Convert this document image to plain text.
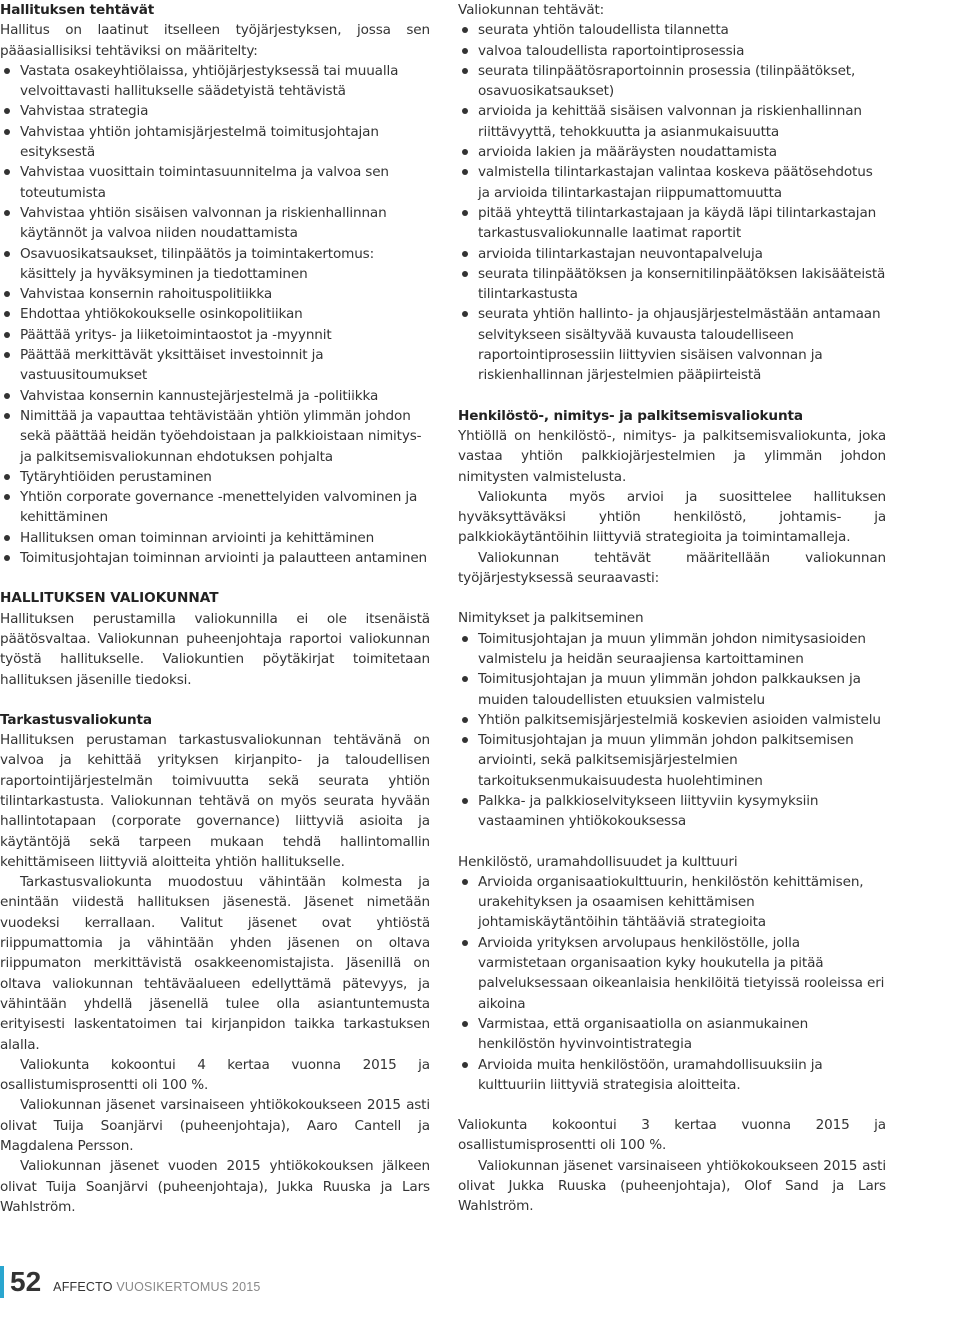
Hallituksen tehtävät

Hallitus on laatinut itselleen työjärjestyksen, jossa sen pääasiallisiksi tehtäviksi on määritelty:

Vastata osakeyhtiölaissa, yhtiöjärjestyksessä tai muualla velvoittavasti hallitukselle säädetyistä tehtävistä
Vahvistaa strategia
Vahvistaa yhtiön johtamisjärjestelmä toimitusjohtajan esityksestä
Vahvistaa vuosittain toimintasuunnitelma ja valvoa sen toteutumista
Vahvistaa yhtiön sisäisen valvonnan ja riskienhallinnan käytännöt ja valvoa niiden noudattamista
Osavuosikatsaukset, tilinpäätös ja toimintakertomus: käsittely ja hyväksyminen ja tiedottaminen
Vahvistaa konsernin rahoituspolitiikka
Ehdottaa yhtiökokoukselle osinkopolitiikan
Päättää yritys- ja liiketoimintaostot ja -myynnit
Päättää merkittävät yksittäiset investoinnit ja vastuusitoumukset
Vahvistaa konsernin kannustejärjestelmä ja -politiikka
Nimittää ja vapauttaa tehtävistään yhtiön ylimmän johdon sekä päättää heidän työehdoistaan ja palkkioistaan nimitys- ja palkitsemisvaliokunnan ehdotuksen pohjalta
Tytäryhtiöiden perustaminen
Yhtiön corporate governance -menettelyiden valvominen ja kehittäminen
Hallituksen oman toiminnan arviointi ja kehittäminen
Toimitusjohtajan toiminnan arviointi ja palautteen antaminen

HALLITUKSEN VALIOKUNNAT

Hallituksen perustamilla valiokunnilla ei ole itsenäistä päätösvaltaa. Valiokunnan puheenjohtaja raportoi valiokunnan työstä hallitukselle. Valiokuntien pöytäkirjat toimitetaan hallituksen jäsenille tiedoksi.

Tarkastusvaliokunta

Hallituksen perustaman tarkastusvaliokunnan tehtävänä on valvoa ja kehittää yrityksen kirjanpito- ja taloudellisen raportointijärjestelmän toimivuutta sekä seurata yhtiön tilintarkastusta. Valiokunnan tehtävä on myös seurata hyvään hallintotapaan (corporate governance) liittyviä asioita ja käytäntöjä sekä tarpeen mukaan tehdä hallintomallin kehittämiseen liittyviä aloitteita yhtiön hallitukselle.

Tarkastusvaliokunta muodostuu vähintään kolmesta ja enintään viidestä hallituksen jäsenestä. Jäsenet nimetään vuodeksi kerrallaan. Valitut jäsenet ovat yhtiöstä riippumattomia ja vähintään yhden jäsenen on oltava riippumaton merkittävistä osakkeenomistajista. Jäsenillä on oltava valiokunnan tehtäväalueen edellyttämä pätevyys, ja vähintään yhdellä jäsenellä tulee olla asiantuntemusta erityisesti laskentatoimen tai kirjanpidon taikka tarkastuksen alalla.

Valiokunta kokoontui 4 kertaa vuonna 2015 ja osallistumisprosentti oli 100 %.

Valiokunnan jäsenet varsinaiseen yhtiökokoukseen 2015 asti olivat Tuija Soanjärvi (puheenjohtaja), Aaro Cantell ja Magdalena Persson.

Valiokunnan jäsenet vuoden 2015 yhtiökokouksen jälkeen olivat Tuija Soanjärvi (puheenjohtaja), Jukka Ruuska ja Lars Wahlström.

Valiokunnan tehtävät:

seurata yhtiön taloudellista tilannetta
valvoa taloudellista raportointiprosessia
seurata tilinpäätösraportoinnin prosessia (tilinpäätökset, osavuosikatsaukset)
arvioida ja kehittää sisäisen valvonnan ja riskienhallinnan riittävyyttä, tehokkuutta ja asianmukaisuutta
arvioida lakien ja määräysten noudattamista
valmistella tilintarkastajan valintaa koskeva päätösehdotus ja arvioida tilintarkastajan riippumattomuutta
pitää yhteyttä tilintarkastajaan ja käydä läpi tilintarkastajan tarkastusvaliokunnalle laatimat raportit
arvioida tilintarkastajan neuvontapalveluja
seurata tilinpäätöksen ja konsernitilinpäätöksen lakisääteistä tilintarkastusta
seurata yhtiön hallinto- ja ohjausjärjestelmästään antamaan selvitykseen sisältyvää kuvausta taloudelliseen raportointiprosessiin liittyvien sisäisen valvonnan ja riskienhallinnan järjestelmien pääpiirteistä

Henkilöstö-, nimitys- ja palkitsemisvaliokunta

Yhtiöllä on henkilöstö-, nimitys- ja palkitsemisvaliokunta, joka vastaa yhtiön palkkiojärjestelmien ja ylimmän johdon nimitysten valmistelusta.

Valiokunta myös arvioi ja suosittelee hallituksen hyväksyttäväksi yhtiön henkilöstö, johtamis- ja palkkiokäytäntöihin liittyviä strategioita ja toimintamalleja.

Valiokunnan tehtävät määritellään valiokunnan työjärjestyksessä seuraavasti:

Nimitykset ja palkitseminen

Toimitusjohtajan ja muun ylimmän johdon nimitysasioiden valmistelu ja heidän seuraajiensa kartoittaminen
Toimitusjohtajan ja muun ylimmän johdon palkkauksen ja muiden taloudellisten etuuksien valmistelu
Yhtiön palkitsemisjärjestelmiä koskevien asioiden valmistelu
Toimitusjohtajan ja muun ylimmän johdon palkitsemisen arviointi, sekä palkitsemisjärjestelmien tarkoituksenmukaisuudesta huolehtiminen
Palkka- ja palkkioselvitykseen liittyviin kysymyksiin vastaaminen yhtiökokouksessa

Henkilöstö, uramahdollisuudet ja kulttuuri

Arvioida organisaatiokulttuurin, henkilöstön kehittämisen, urakehityksen ja osaamisen kehittämisen johtamiskäytäntöihin tähtääviä strategioita
Arvioida yrityksen arvolupaus henkilöstölle, jolla varmistetaan organisaation kyky houkutella ja pitää palveluksessaan oikeanlaisia henkilöitä tietyissä rooleissa eri aikoina
Varmistaa, että organisaatiolla on asianmukainen henkilöstön hyvinvointistrategia
Arvioida muita henkilöstöön, uramahdollisuuksiin ja kulttuuriin liittyviä strategisia aloitteita.

Valiokunta kokoontui 3 kertaa vuonna 2015 ja osallistumisprosentti oli 100 %.

Valiokunnan jäsenet varsinaiseen yhtiökokoukseen 2015 asti olivat Jukka Ruuska (puheenjohtaja), Olof Sand ja Lars Wahlström.

52 AFFECTO VUOSIKERTOMUS 2015
